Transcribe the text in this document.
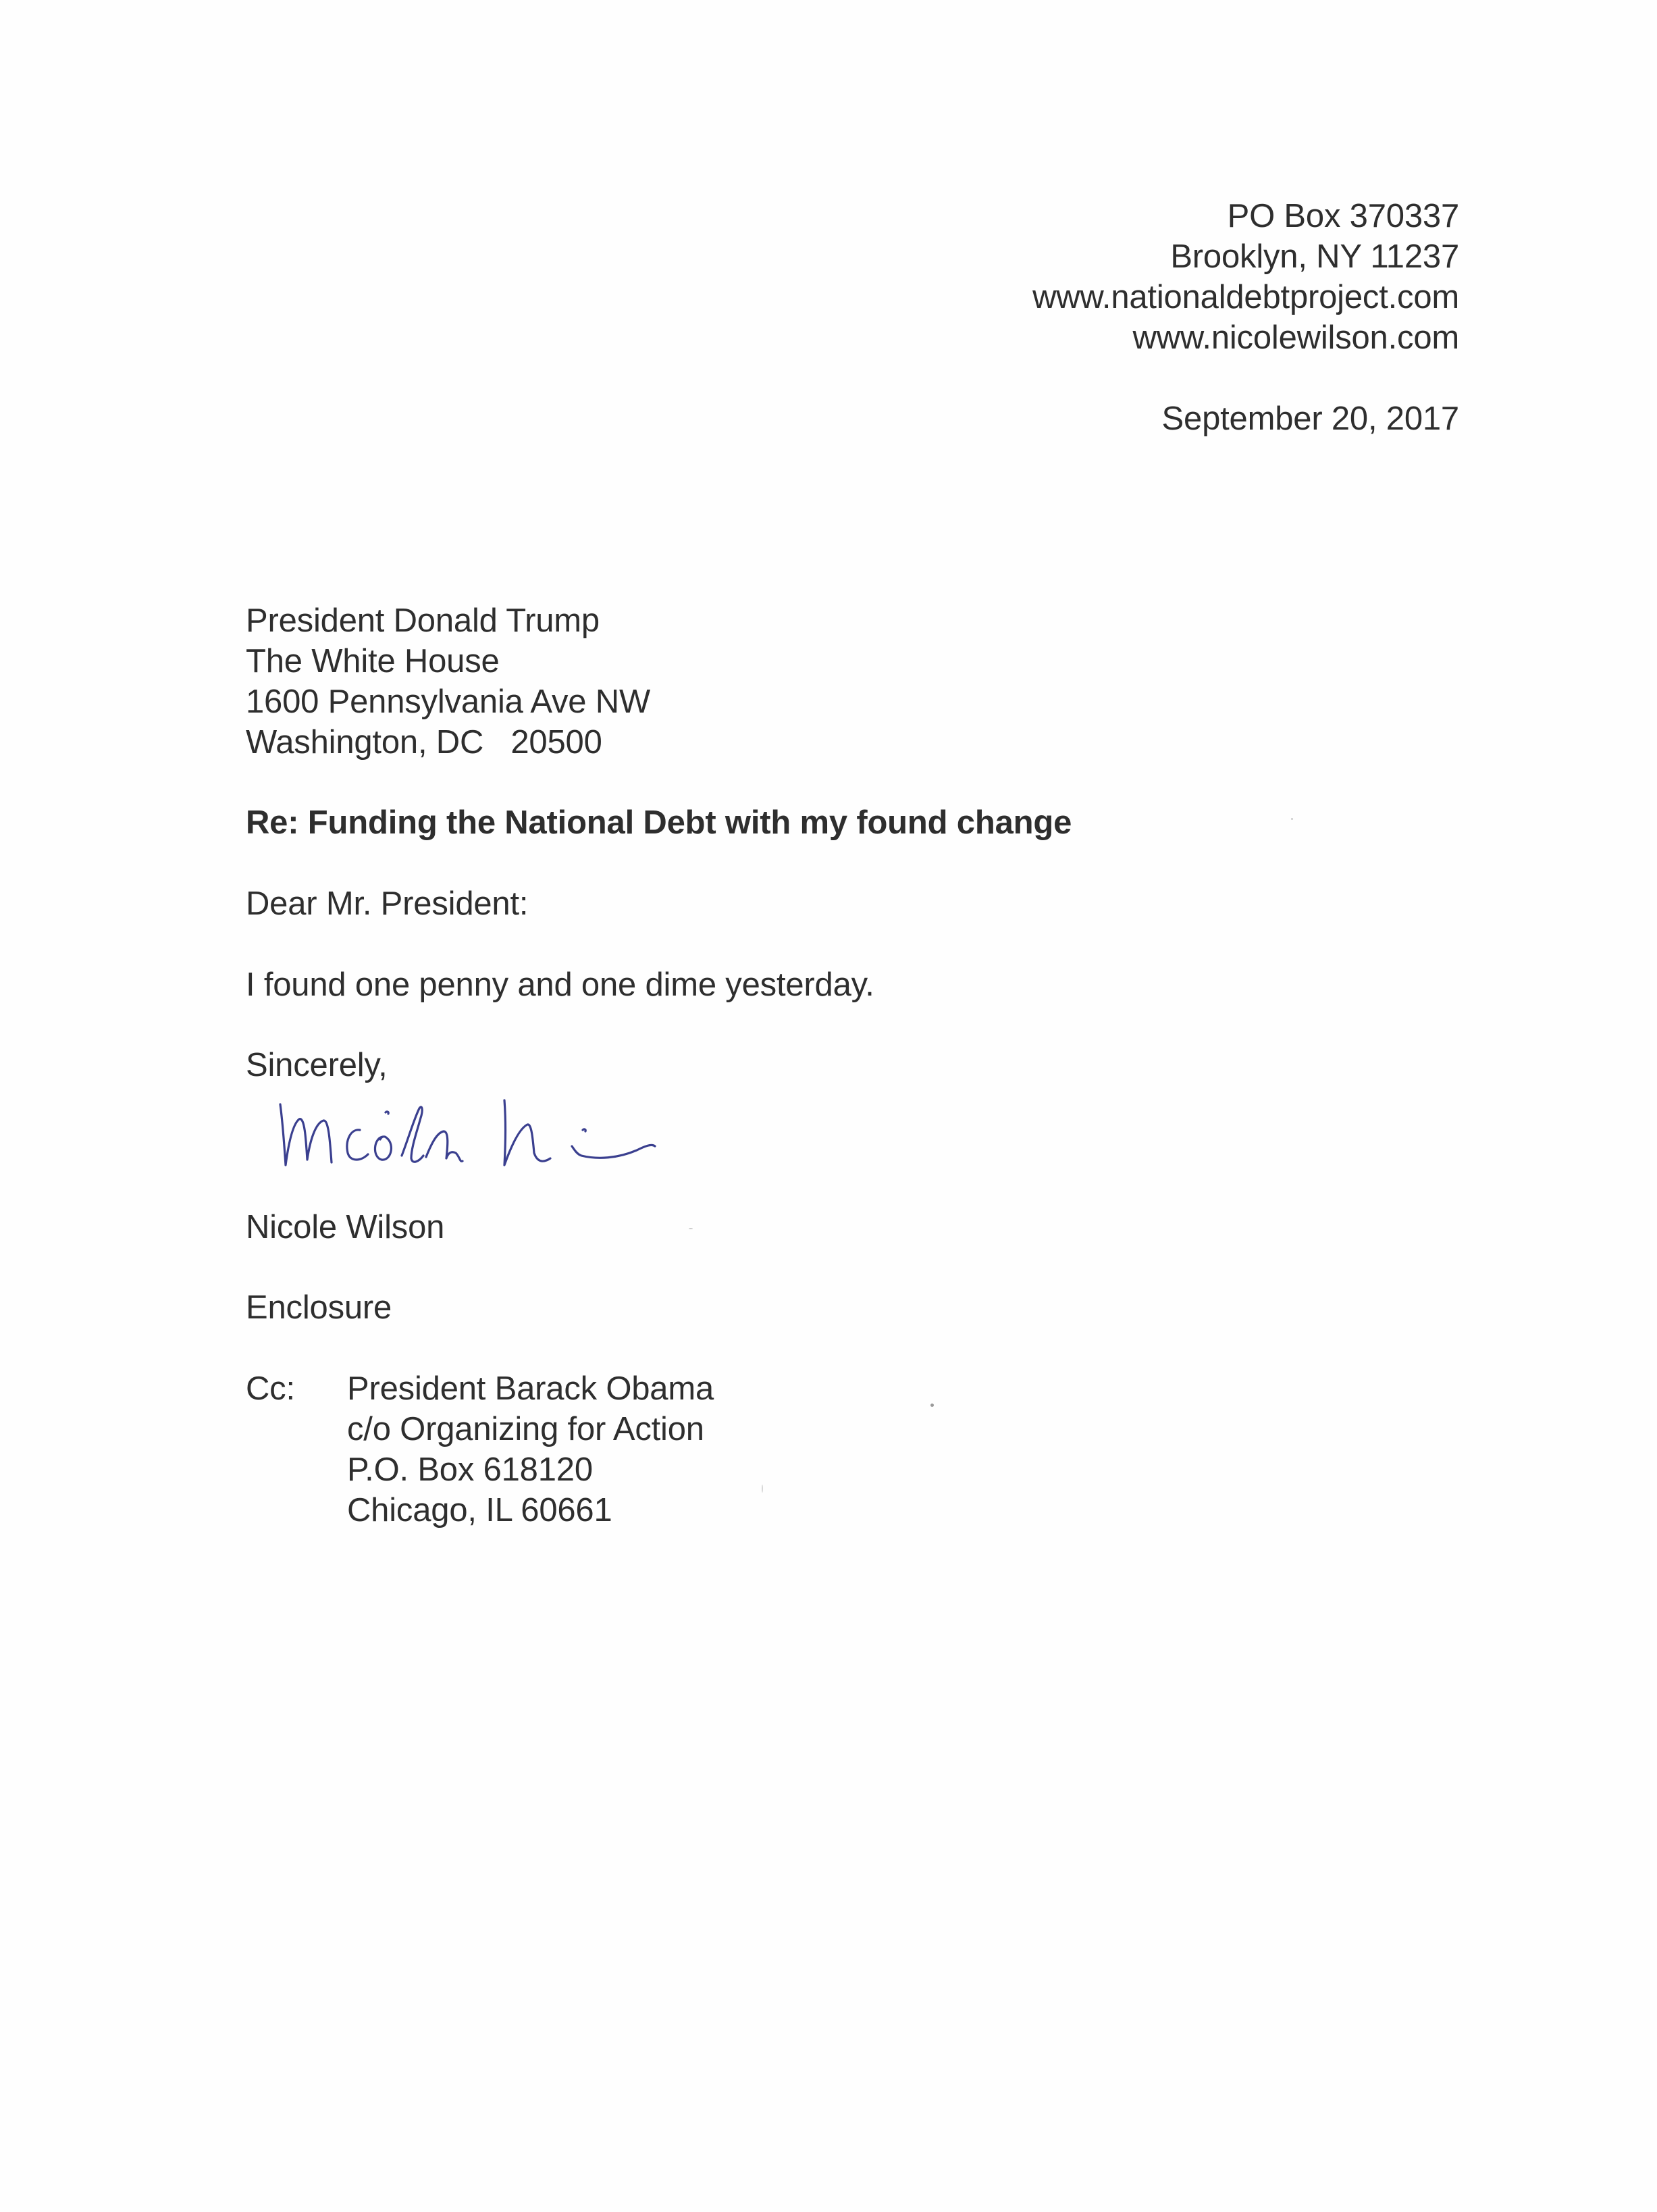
PO Box 370337
Brooklyn, NY 11237
www.nationaldebtproject.com
www.nicolewilson.com
September 20, 2017
President Donald Trump
The White House
1600 Pennsylvania Ave NW
Washington, DC   20500
Re: Funding the National Debt with my found change
Dear Mr. President:
I found one penny and one dime yesterday.
Sincerely,
Nicole Wilson
Enclosure
Cc: President Barack Obama
c/o Organizing for Action
P.O. Box 618120
Chicago, IL 60661
